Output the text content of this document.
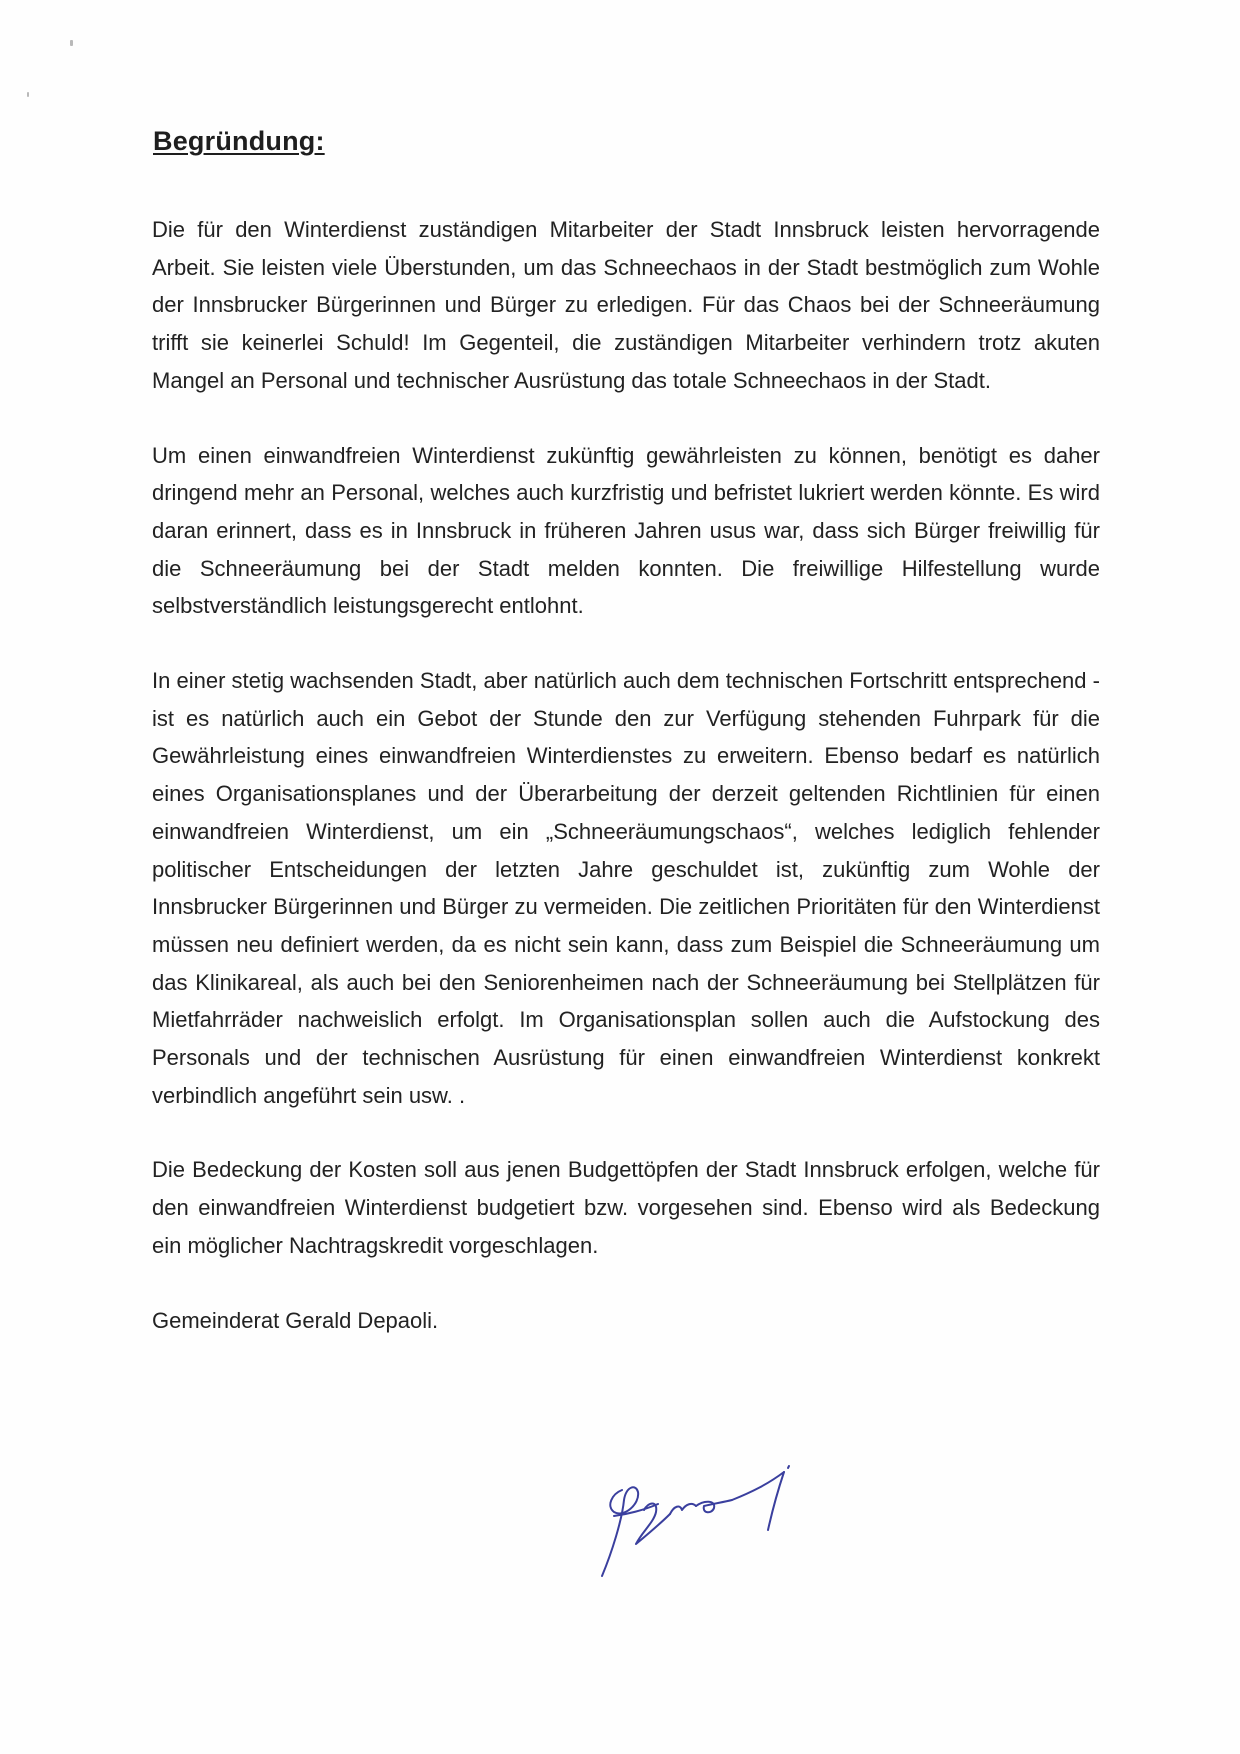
Begründung:

Die für den Winterdienst zuständigen Mitarbeiter der Stadt Innsbruck leisten hervorragende Arbeit. Sie leisten viele Überstunden, um das Schneechaos in der Stadt bestmöglich zum Wohle der Innsbrucker Bürgerinnen und Bürger zu erledigen. Für das Chaos bei der Schneeräumung trifft sie keinerlei Schuld! Im Gegenteil, die zuständigen Mitarbeiter verhindern trotz akuten Mangel an Personal und technischer Ausrüstung das totale Schneechaos in der Stadt.

Um einen einwandfreien Winterdienst zukünftig gewährleisten zu können, benötigt es daher dringend mehr an Personal, welches auch kurzfristig und befristet lukriert werden könnte. Es wird daran erinnert, dass es in Innsbruck in früheren Jahren usus war, dass sich Bürger freiwillig für die Schneeräumung bei der Stadt melden konnten. Die freiwillige Hilfestellung wurde selbstverständlich leistungsgerecht entlohnt.

In einer stetig wachsenden Stadt, aber natürlich auch dem technischen Fortschritt entsprechend - ist es natürlich auch ein Gebot der Stunde den zur Verfügung stehenden Fuhrpark für die Gewährleistung eines einwandfreien Winterdienstes zu erweitern. Ebenso bedarf es natürlich eines Organisationsplanes und der Überarbeitung der derzeit geltenden Richtlinien für einen einwandfreien Winterdienst, um ein „Schneeräumungschaos“, welches lediglich fehlender politischer Entscheidungen der letzten Jahre geschuldet ist, zukünftig zum Wohle der Innsbrucker Bürgerinnen und Bürger zu vermeiden. Die zeitlichen Prioritäten für den Winterdienst müssen neu definiert werden, da es nicht sein kann, dass zum Beispiel die Schneeräumung um das Klinikareal, als auch bei den Seniorenheimen nach der Schneeräumung bei Stellplätzen für Mietfahrräder nachweislich erfolgt. Im Organisationsplan sollen auch die Aufstockung des Personals und der technischen Ausrüstung für einen einwandfreien Winterdienst konkrekt verbindlich angeführt sein usw. .

Die Bedeckung der Kosten soll aus jenen Budgettöpfen der Stadt Innsbruck erfolgen, welche für den einwandfreien Winterdienst budgetiert bzw. vorgesehen sind. Ebenso wird als Bedeckung ein möglicher Nachtragskredit vorgeschlagen.

Gemeinderat Gerald Depaoli.
